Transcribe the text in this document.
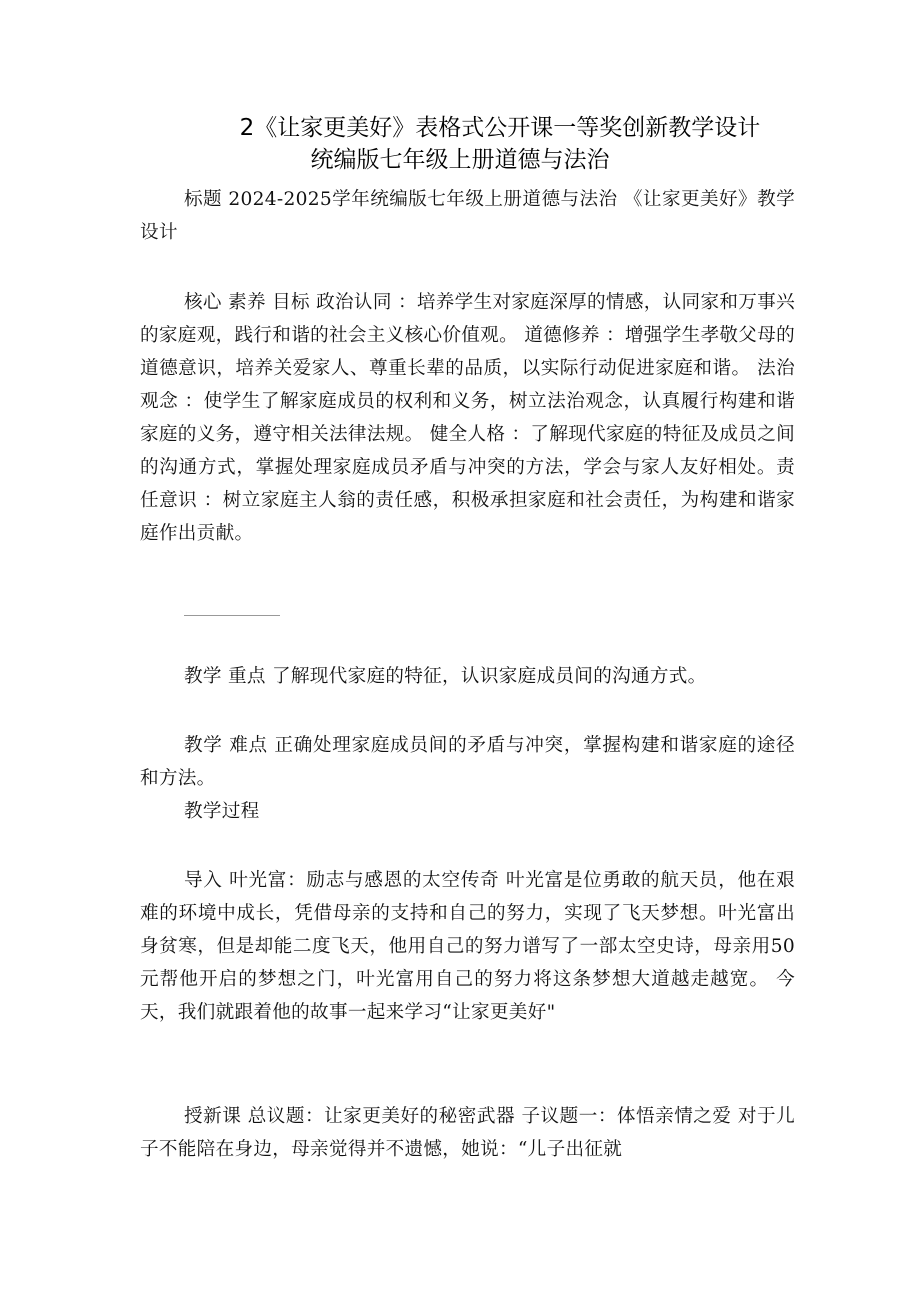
2《让家更美好》表格式公开课一等奖创新教学设计
统编版七年级上册道德与法治

标题 2024-2025学年统编版七年级上册道德与法治 《让家更美好》教学设计

核心 素养 目标 政治认同 ：培养学生对家庭深厚的情感，认同家和万事兴的家庭观，践行和谐的社会主义核心价值观。 道德修养 ：增强学生孝敬父母的道德意识，培养关爱家人、尊重长辈的品质，以实际行动促进家庭和谐。 法治观念 ：使学生了解家庭成员的权利和义务，树立法治观念，认真履行构建和谐家庭的义务，遵守相关法律法规。 健全人格 ：了解现代家庭的特征及成员之间的沟通方式，掌握处理家庭成员矛盾与冲突的方法，学会与家人友好相处。责任意识 ：树立家庭主人翁的责任感，积极承担家庭和社会责任，为构建和谐家庭作出贡献。

教学 重点 了解现代家庭的特征，认识家庭成员间的沟通方式。

教学 难点 正确处理家庭成员间的矛盾与冲突，掌握构建和谐家庭的途径和方法。

教学过程

导入 叶光富：励志与感恩的太空传奇 叶光富是位勇敢的航天员，他在艰难的环境中成长，凭借母亲的支持和自己的努力，实现了飞天梦想。叶光富出身贫寒，但是却能二度飞天，他用自己的努力谱写了一部太空史诗，母亲用50元帮他开启的梦想之门，叶光富用自己的努力将这条梦想大道越走越宽。 今天，我们就跟着他的故事一起来学习“让家更美好"

授新课 总议题：让家更美好的秘密武器 子议题一：体悟亲情之爱 对于儿子不能陪在身边，母亲觉得并不遗憾，她说：“儿子出征就
